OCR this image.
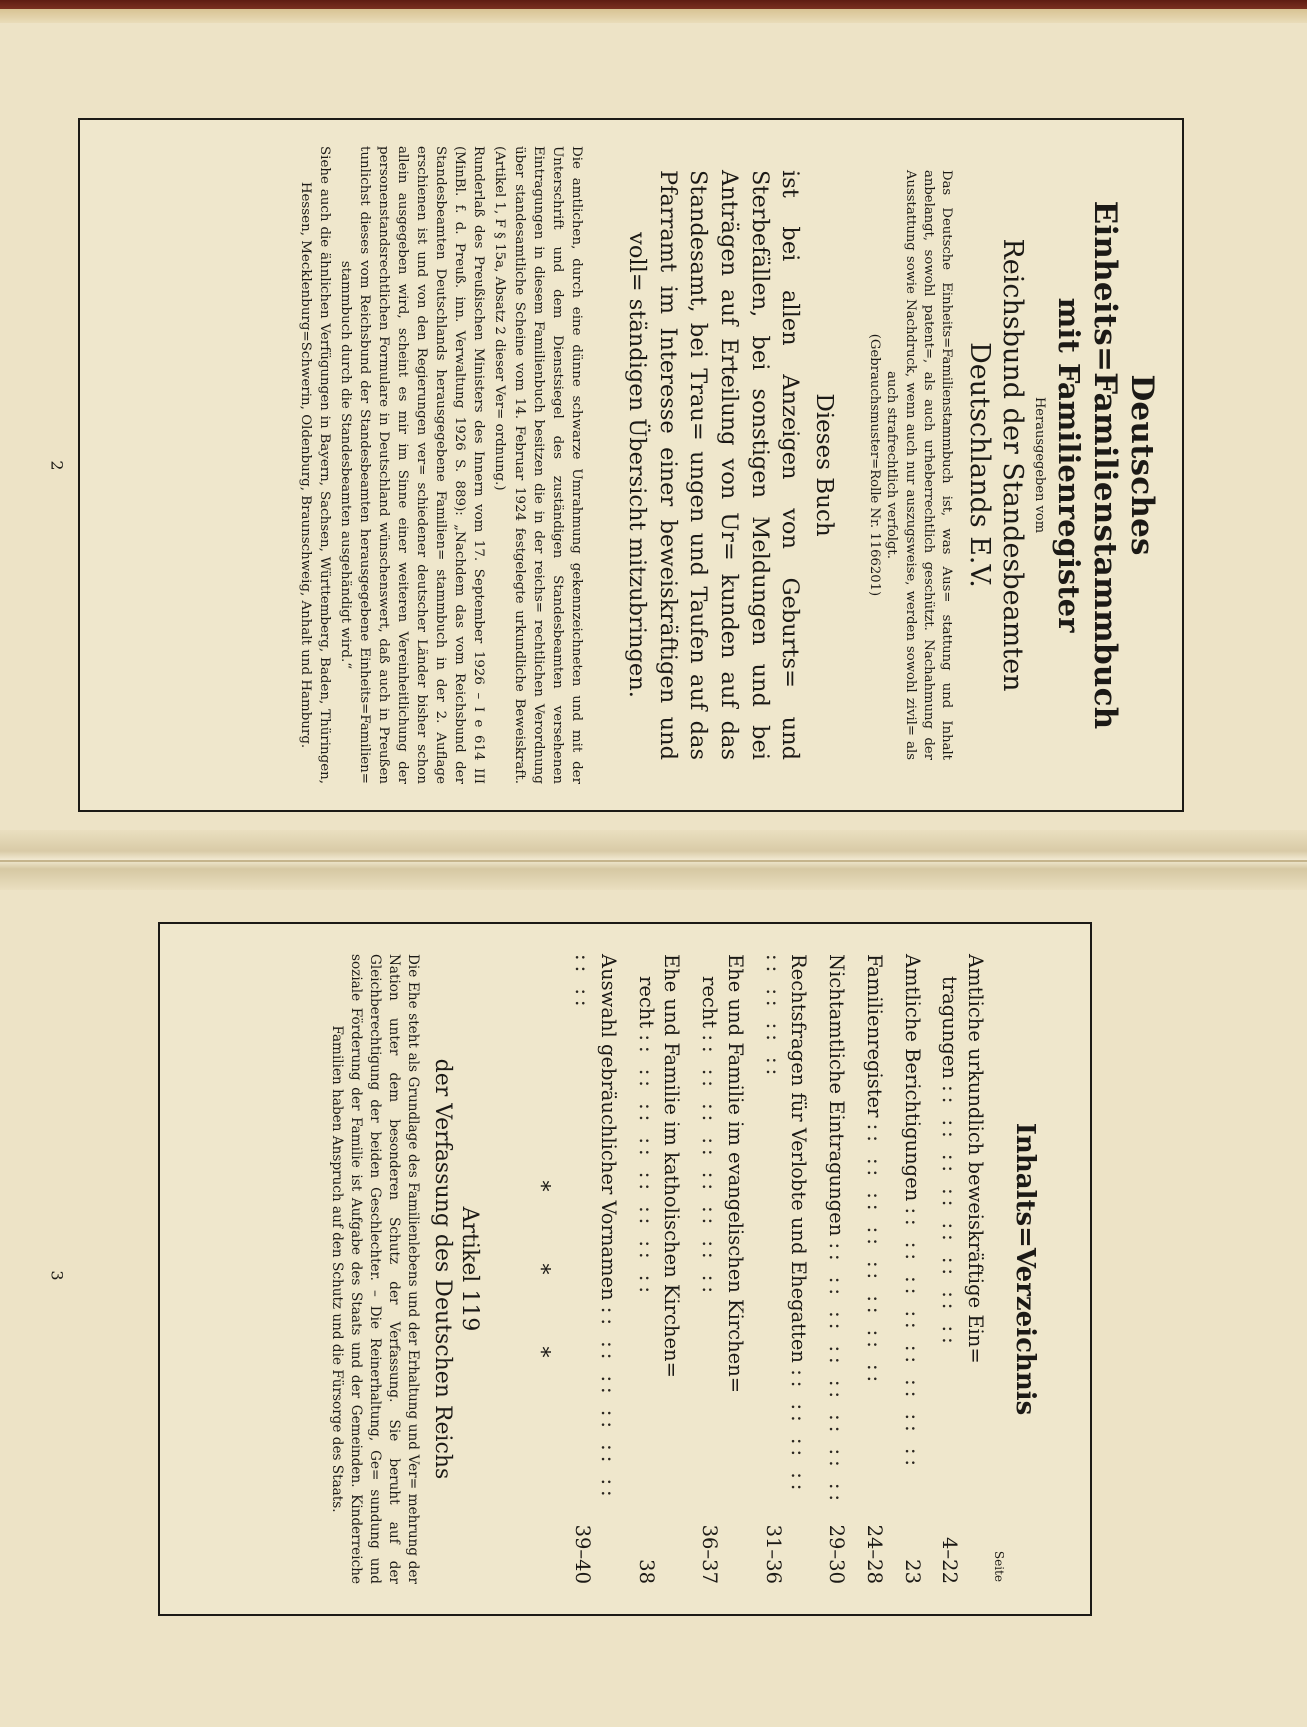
Deutsches Einheits=Familienstammbuch
mit Familienregister
Herausgegeben vom
Reichsbund der Standesbeamten Deutschlands E.V.
Das Deutsche Einheits=Familienstammbuch ist, was Aus= stattung und Inhalt anbelangt, sowohl patent=, als auch urheberrechtlich geschützt. Nachahmung der Ausstattung sowie Nachdruck, wenn auch nur auszugsweise, werden sowohl zivil= als auch strafrechtlich verfolgt.
(Gebrauchsmuster=Rolle Nr. 1166201)
Dieses Buch
ist bei allen Anzeigen von Geburts= und Sterbefällen, bei sonstigen Meldungen und bei Anträgen auf Erteilung von Ur= kunden auf das Standesamt, bei Trau= ungen und Taufen auf das Pfarramt im Interesse einer beweiskräftigen und voll= ständigen Übersicht mitzubringen.

Die amtlichen, durch eine dünne schwarze Umrahmung gekennzeichneten und mit der Unterschrift und dem Dienstsiegel des zuständigen Standesbeamten versehenen Eintragungen in diesem Familienbuch besitzen die in der reichs= rechtlichen Verordnung über standesamtliche Scheine vom 14. Februar 1924 festgelegte urkundliche Beweiskraft. (Artikel 1, F § 15a, Absatz 2 dieser Ver= ordnung.)

Runderlaß des Preußischen Ministers des Innern vom 17. September 1926 – I e 614 III (MinBl. f. d. Preuß. inn. Verwaltung 1926 S. 889): „Nachdem das vom Reichsbund der Standesbeamten Deutschlands herausgegebene Familien= stammbuch in der 2. Auflage erschienen ist und von den Regierungen ver= schiedener deutscher Länder bisher schon allein ausgegeben wird, scheint es mir im Sinne einer weiteren Vereinheitlichung der personenstandsrechtlichen Formulare in Deutschland wünschenswert, daß auch in Preußen tunlichst dieses vom Reichsbund der Standesbeamten herausgegebene Einheits=Familien= stammbuch durch die Standesbeamten ausgehändigt wird.“

Siehe auch die ähnlichen Verfügungen in Bayern, Sachsen, Württemberg, Baden, Thüringen, Hessen, Mecklenburg=Schwerin, Oldenburg, Braunschweig, Anhalt und Hamburg.

2
Inhalts=Verzeichnis
Seite
Amtliche urkundlich beweiskräftige Ein=
tragungen :: :: :: :: :: :: :: ::
4–22
Amtliche Berichtigungen :: :: :: :: :: :: :: ::
23
Familienregister :: :: :: :: :: :: :: ::
24–28
Nichtamtliche Eintragungen :: :: :: :: :: :: :: ::
29–30
Rechtsfragen für Verlobte und Ehegatten :: :: :: :: :: :: :: ::
31–36
Ehe und Familie im evangelischen Kirchen=
recht :: :: :: :: :: :: :: ::
36–37
Ehe und Familie im katholischen Kirchen=
recht :: :: :: :: :: :: :: ::
38
Auswahl gebräuchlicher Vornamen :: :: :: :: :: :: :: ::
39–40
*
*
*
Artikel 119
der Verfassung des Deutschen Reichs
Die Ehe steht als Grundlage des Familienlebens und der Erhaltung und Ver= mehrung der Nation unter dem besonderen Schutz der Verfassung. Sie beruht auf der Gleichberechtigung der beiden Geschlechter. – Die Reinerhaltung, Ge= sundung und soziale Förderung der Familie ist Aufgabe des Staats und der Gemeinden. Kinderreiche Familien haben Anspruch auf den Schutz und die Fürsorge des Staats.
3
